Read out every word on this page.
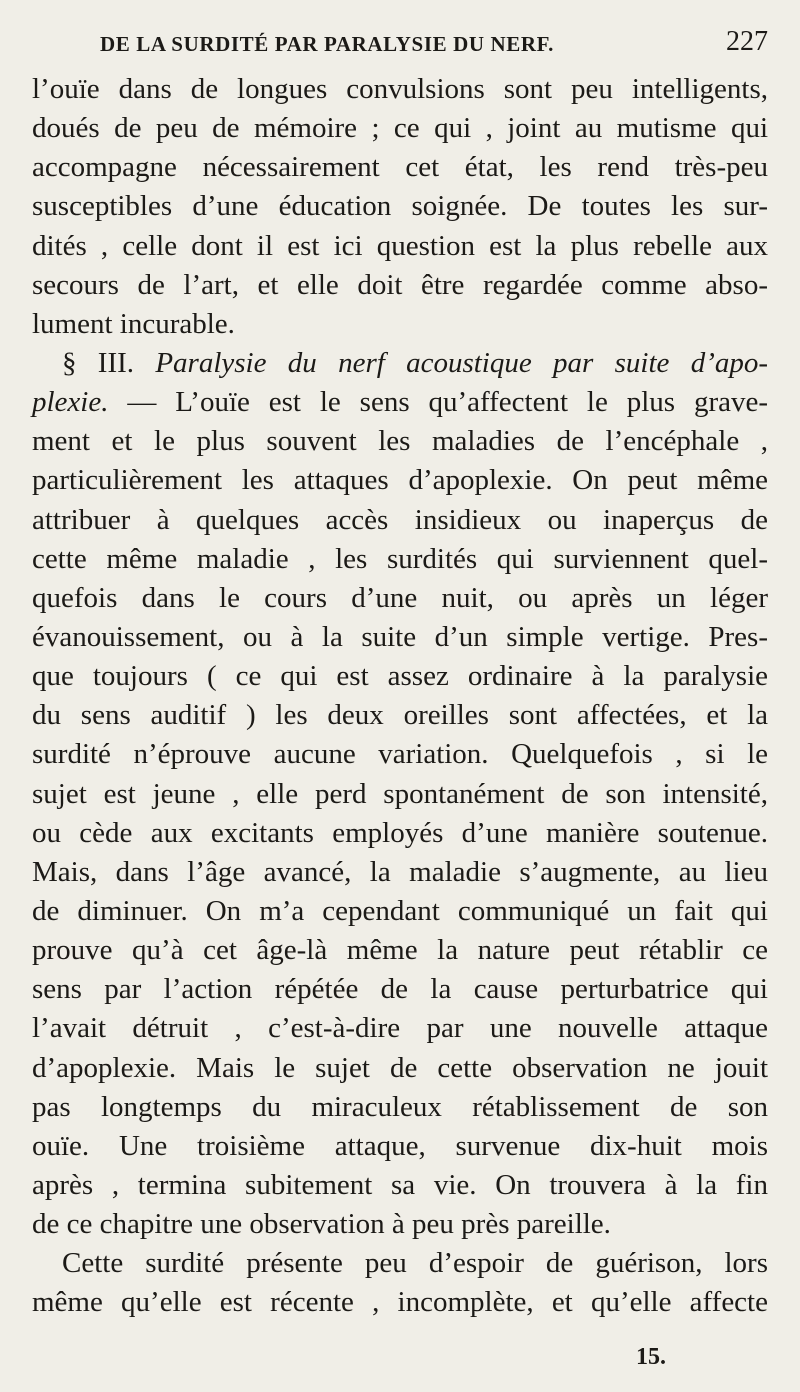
DE LA SURDITÉ PAR PARALYSIE DU NERF.	227
l’ouïe dans de longues convulsions sont peu intelligents,
doués de peu de mémoire ; ce qui , joint au mutisme qui
accompagne nécessairement cet état, les rend très-peu
susceptibles d’une éducation soignée. De toutes les sur-
dités , celle dont il est ici question est la plus rebelle aux
secours de l’art, et elle doit être regardée comme abso-
lument incurable.
§ III. Paralysie du nerf acoustique par suite d’apo-
plexie. — L’ouïe est le sens qu’affectent le plus grave-
ment et le plus souvent les maladies de l’encéphale ,
particulièrement les attaques d’apoplexie. On peut même
attribuer à quelques accès insidieux ou inaperçus de
cette même maladie , les surdités qui surviennent quel-
quefois dans le cours d’une nuit, ou après un léger
évanouissement, ou à la suite d’un simple vertige. Pres-
que toujours ( ce qui est assez ordinaire à la paralysie
du sens auditif ) les deux oreilles sont affectées, et la
surdité n’éprouve aucune variation. Quelquefois , si le
sujet est jeune , elle perd spontanément de son intensité,
ou cède aux excitants employés d’une manière soutenue.
Mais, dans l’âge avancé, la maladie s’augmente, au lieu
de diminuer. On m’a cependant communiqué un fait qui
prouve qu’à cet âge-là même la nature peut rétablir ce
sens par l’action répétée de la cause perturbatrice qui
l’avait détruit , c’est-à-dire par une nouvelle attaque
d’apoplexie. Mais le sujet de cette observation ne jouit
pas longtemps du miraculeux rétablissement de son
ouïe. Une troisième attaque, survenue dix-huit mois
après , termina subitement sa vie. On trouvera à la fin
de ce chapitre une observation à peu près pareille.
Cette surdité présente peu d’espoir de guérison, lors
même qu’elle est récente , incomplète, et qu’elle affecte
15.
